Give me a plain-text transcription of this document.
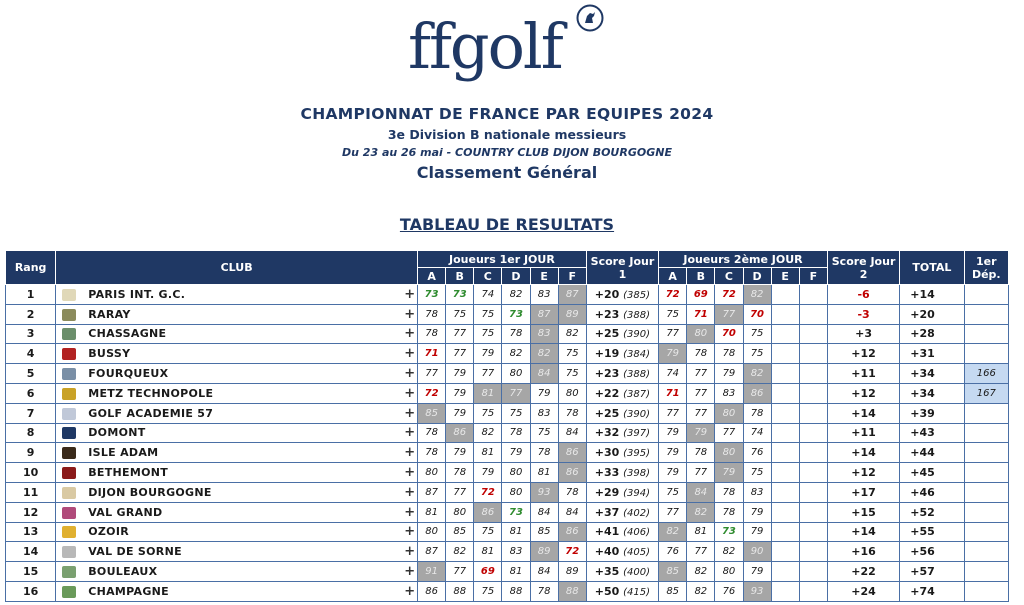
ffgolf
CHAMPIONNAT DE FRANCE PAR EQUIPES 2024
3e Division B nationale messieurs
Du 23 au 26 mai - COUNTRY CLUB DIJON BOURGOGNE
Classement Général
TABLEAU DE RESULTATS
Rang	CLUB		Joueurs 1er JOUR						Score Jour 1	Joueurs 2ème JOUR						Score Jour 2	TOTAL	1er Dép.
			A	B	C	D	E	F		A	B	C	D	E	F			
1	PARIS INT. G.C.	+	73	73	74	82	83	87	+20 (385)	72	69	72	82			-6	+14	
2	RARAY	+	78	75	75	73	87	89	+23 (388)	75	71	77	70			-3	+20	
3	CHASSAGNE	+	78	77	75	78	83	82	+25 (390)	77	80	70	75			+3	+28	
4	BUSSY	+	71	77	79	82	82	75	+19 (384)	79	78	78	75			+12	+31	
5	FOURQUEUX	+	77	79	77	80	84	75	+23 (388)	74	77	79	82			+11	+34	166
6	METZ TECHNOPOLE	+	72	79	81	77	79	80	+22 (387)	71	77	83	86			+12	+34	167
7	GOLF ACADEMIE 57	+	85	79	75	75	83	78	+25 (390)	77	77	80	78			+14	+39	
8	DOMONT	+	78	86	82	78	75	84	+32 (397)	79	79	77	74			+11	+43	
9	ISLE ADAM	+	78	79	81	79	78	86	+30 (395)	79	78	80	76			+14	+44	
10	BETHEMONT	+	80	78	79	80	81	86	+33 (398)	79	77	79	75			+12	+45	
11	DIJON BOURGOGNE	+	87	77	72	80	93	78	+29 (394)	75	84	78	83			+17	+46	
12	VAL GRAND	+	81	80	86	73	84	84	+37 (402)	77	82	78	79			+15	+52	
13	OZOIR	+	80	85	75	81	85	86	+41 (406)	82	81	73	79			+14	+55	
14	VAL DE SORNE	+	87	82	81	83	89	72	+40 (405)	76	77	82	90			+16	+56	
15	BOULEAUX	+	91	77	69	81	84	89	+35 (400)	85	82	80	79			+22	+57	
16	CHAMPAGNE	+	86	88	75	88	78	88	+50 (415)	85	82	76	93			+24	+74	
